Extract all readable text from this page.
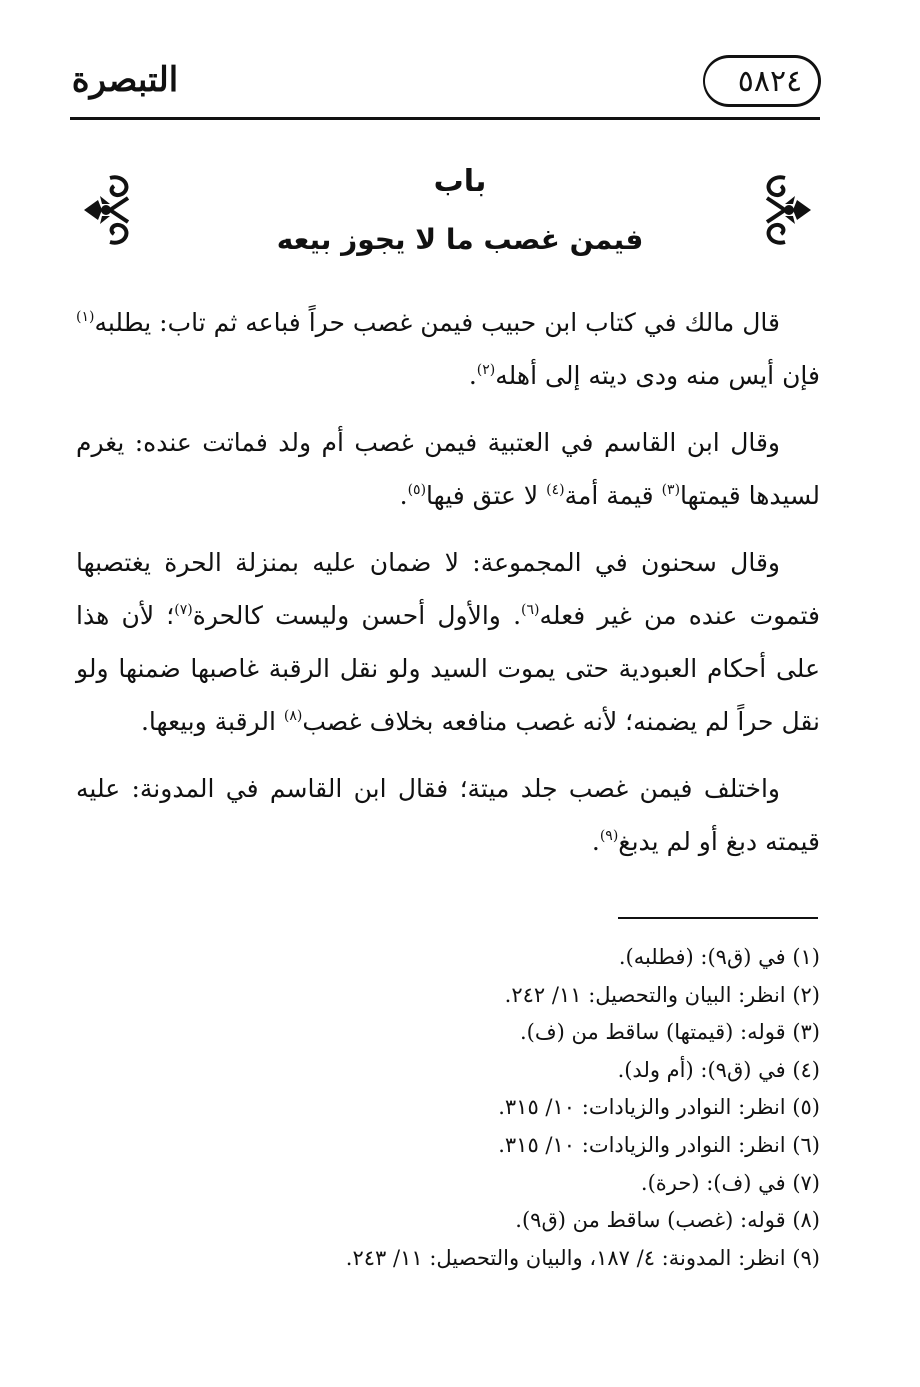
التبصرة	٥٨٢٤
باب
فيمن غصب ما لا يجوز بيعه

قال مالك في كتاب ابن حبيب فيمن غصب حراً فباعه ثم تاب: يطلبه$^{(١)}$ فإن أيس منه ودى ديته إلى أهله$^{(٢)}$.

وقال ابن القاسم في العتبية فيمن غصب أم ولد فماتت عنده: يغرم لسيدها قيمتها$^{(٣)}$ قيمة أمة$^{(٤)}$ لا عتق فيها$^{(٥)}$.

وقال سحنون في المجموعة: لا ضمان عليه بمنزلة الحرة يغتصبها فتموت عنده من غير فعله$^{(٦)}$. والأول أحسن وليست كالحرة$^{(٧)}$؛ لأن هذا على أحكام العبودية حتى يموت السيد ولو نقل الرقبة غاصبها ضمنها ولو نقل حراً لم يضمنه؛ لأنه غصب منافعه بخلاف غصب$^{(٨)}$ الرقبة وبيعها.

واختلف فيمن غصب جلد ميتة؛ فقال ابن القاسم في المدونة: عليه قيمته دبغ أو لم يدبغ$^{(٩)}$.

(١) في (ق٩): (فطلبه).
(٢) انظر: البيان والتحصيل: ١١/ ٢٤٢.
(٣) قوله: (قيمتها) ساقط من (ف).
(٤) في (ق٩): (أم ولد).
(٥) انظر: النوادر والزيادات: ١٠/ ٣١٥.
(٦) انظر: النوادر والزيادات: ١٠/ ٣١٥.
(٧) في (ف): (حرة).
(٨) قوله: (غصب) ساقط من (ق٩).
(٩) انظر: المدونة: ٤/ ١٨٧، والبيان والتحصيل: ١١/ ٢٤٣.
